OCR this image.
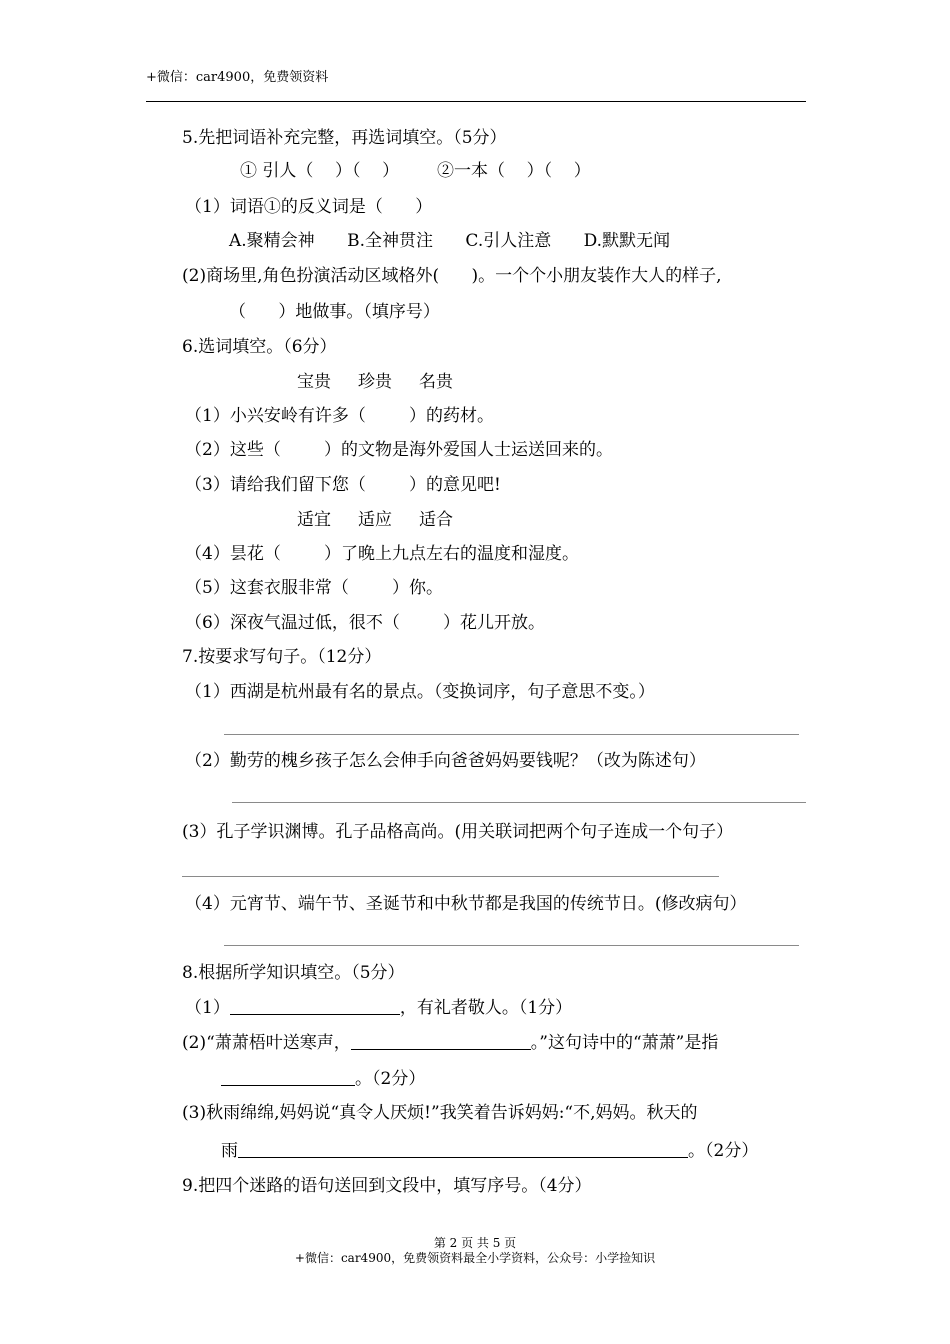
+微信：car4900，免费领资料
5.先把词语补充完整，再选词填空。（5分）
① 引人（    ）（    ）       ②一本（    ）（    ）
（1）词语①的反义词是（      ）
A.聚精会神      B.全神贯注      C.引人注意      D.默默无闻
(2)商场里,角色扮演活动区域格外(      )。一个个小朋友装作大人的样子,
（      ）地做事。（填序号）
6.选词填空。（6分）
宝贵     珍贵     名贵
（1）小兴安岭有许多（        ）的药材。
（2）这些（        ）的文物是海外爱国人士运送回来的。
（3）请给我们留下您（        ）的意见吧!
适宜     适应     适合
（4）昙花（        ）了晚上九点左右的温度和湿度。
（5）这套衣服非常（        ）你。
（6）深夜气温过低，很不（        ）花儿开放。
7.按要求写句子。（12分）
（1）西湖是杭州最有名的景点。（变换词序，句子意思不变。）
（2）勤劳的槐乡孩子怎么会伸手向爸爸妈妈要钱呢？（改为陈述句）
(3）孔子学识渊博。孔子品格高尚。(用关联词把两个句子连成一个句子）
（4）元宵节、端午节、圣诞节和中秋节都是我国的传统节日。(修改病句）
8.根据所学知识填空。（5分）
（1）	，有礼者敬人。（1分）
(2)“萧萧梧叶送寒声，	。”这句诗中的“萧萧”是指
。（2分）
(3)秋雨绵绵,妈妈说“真令人厌烦!”我笑着告诉妈妈:“不,妈妈。秋天的
雨	。（2分）
9.把四个迷路的语句送回到文段中，填写序号。（4分）
第 2 页 共 5 页
+微信：car4900，免费领资料最全小学资料，公众号：小学捡知识
